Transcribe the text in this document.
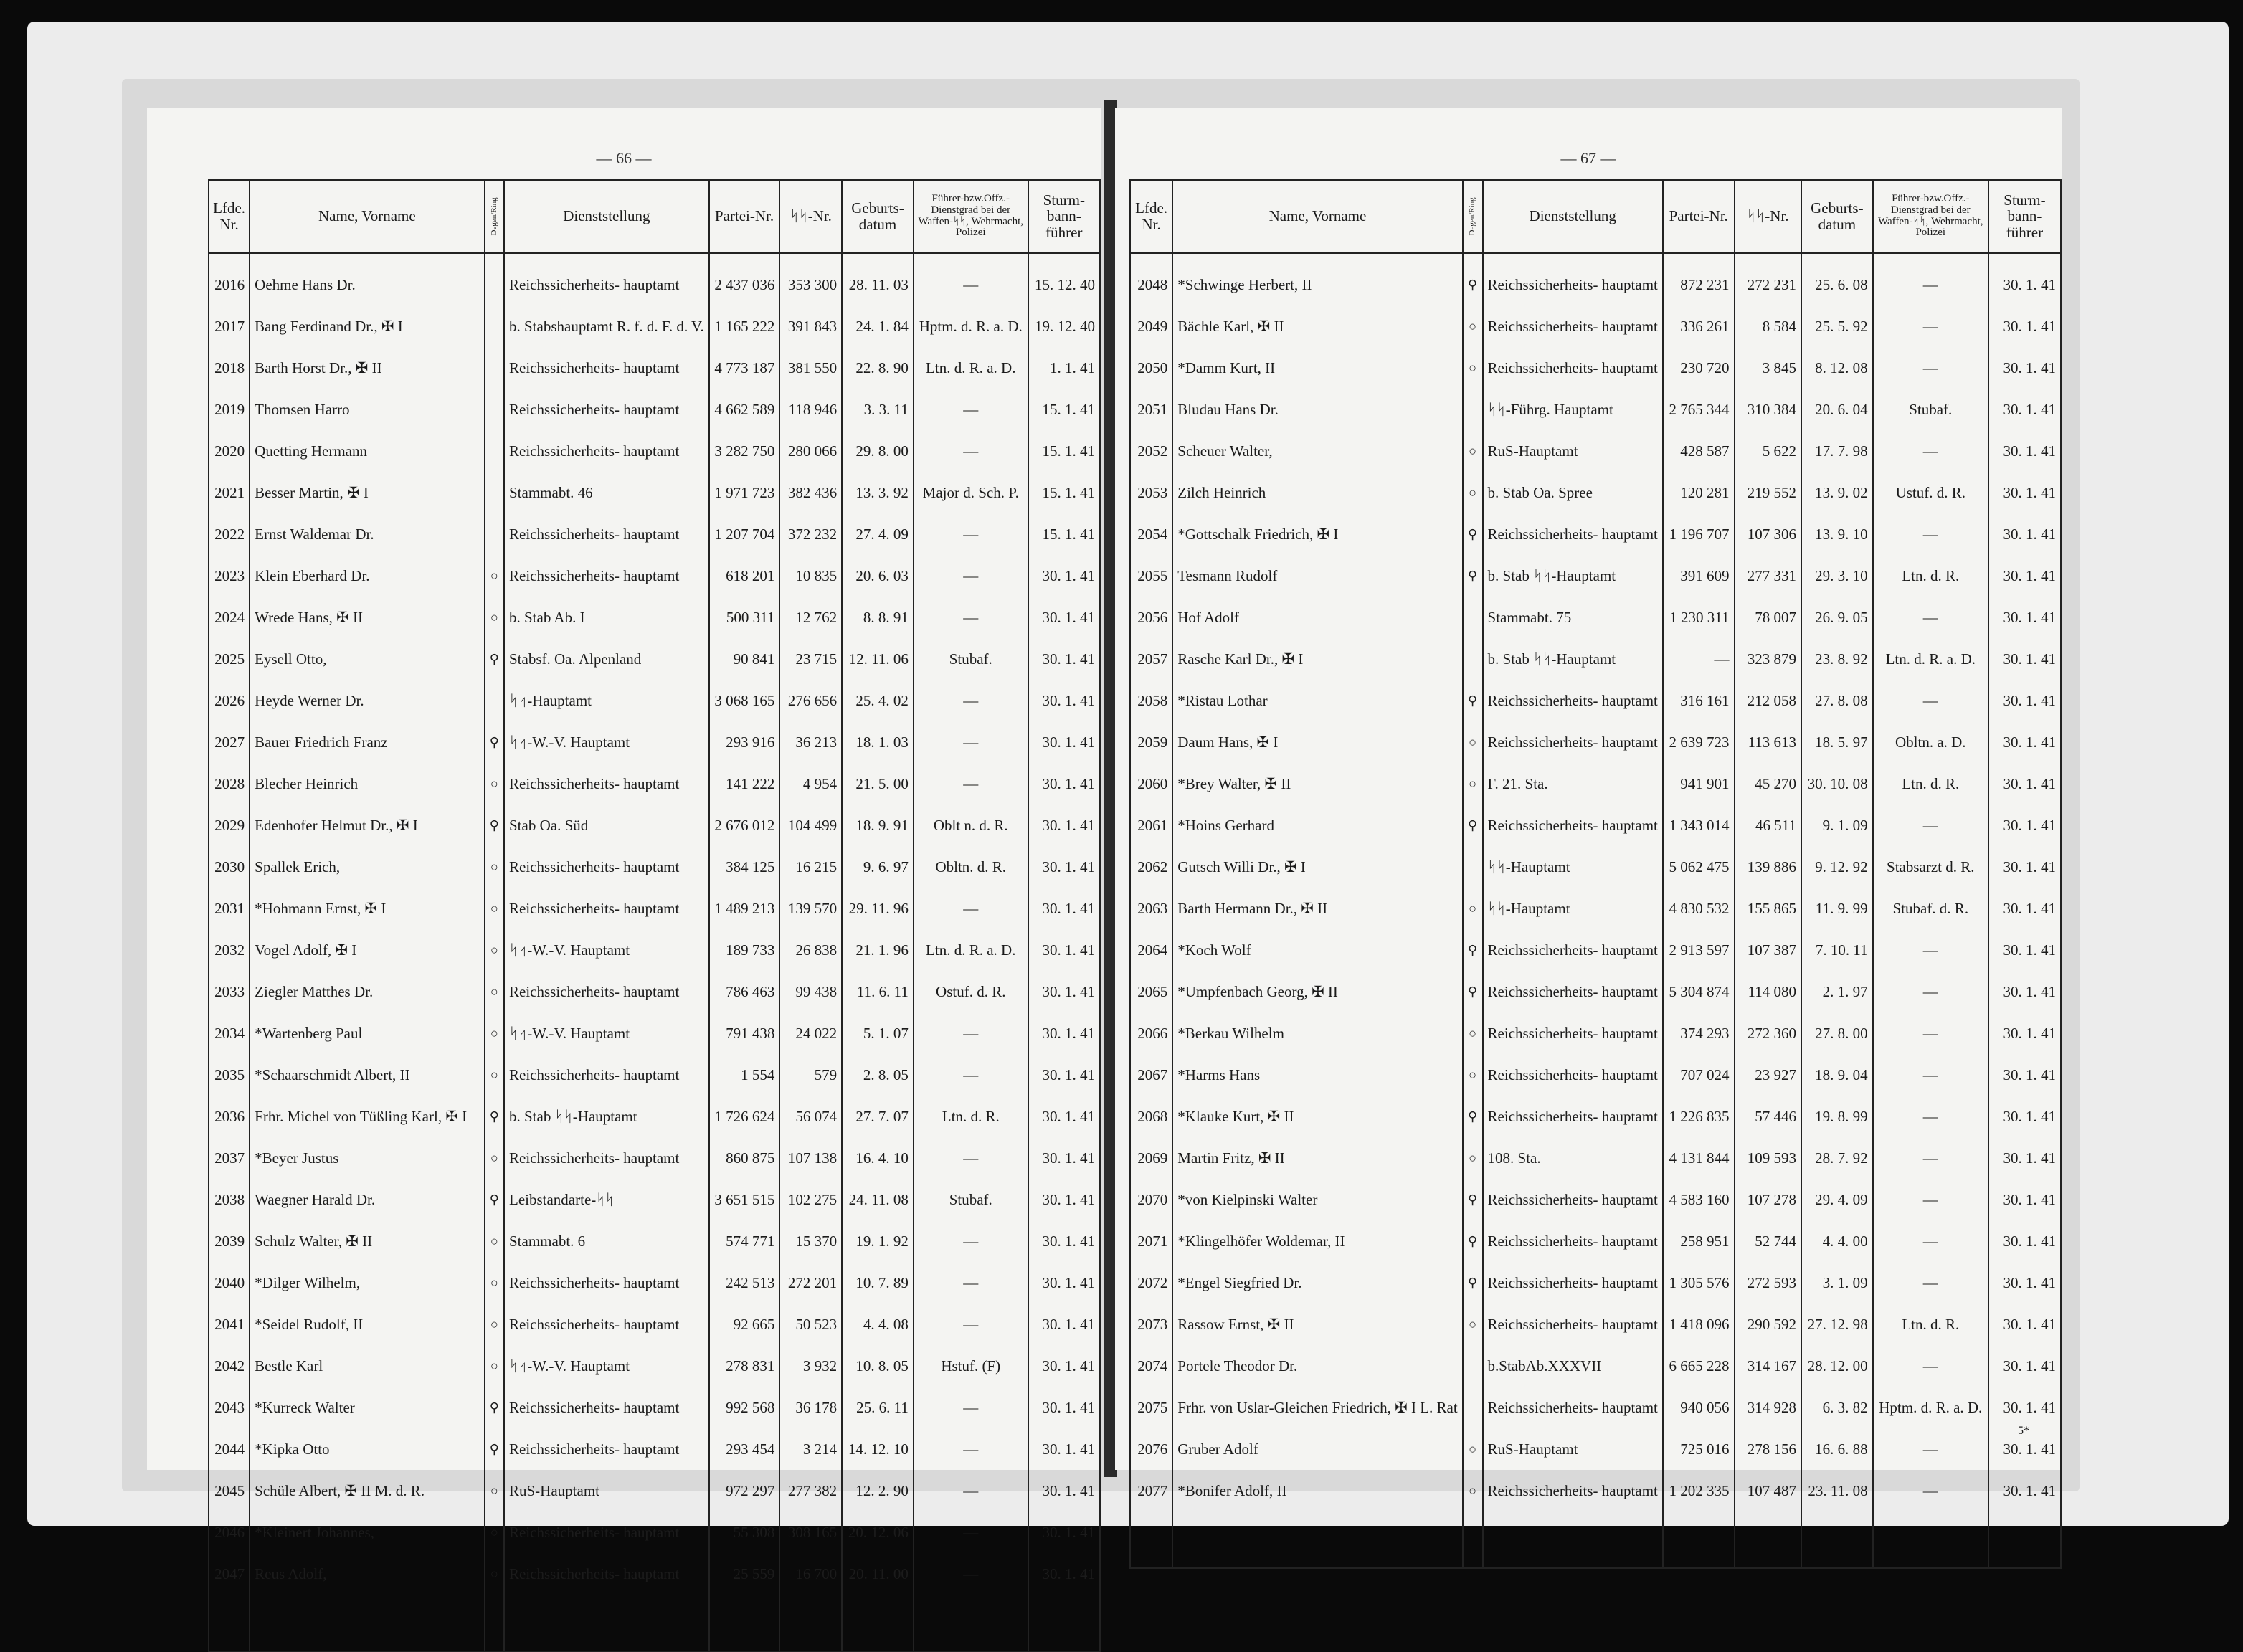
— 66 —
Lfde. Nr.	Name, Vorname	Degen/Ring	Dienststellung	Partei-Nr.	ᛋᛋ-Nr.	Geburts-datum	Führer-bzw.Offz.-Dienstgrad bei der Waffen-ᛋᛋ, Wehrmacht, Polizei	Sturm-bann-führer
2016	Oehme Hans Dr.		Reichssicherheits- hauptamt	2 437 036	353 300	28. 11. 03	—	15. 12. 40
2017	Bang Ferdinand Dr., ✠ I		b. Stabshauptamt R. f. d. F. d. V.	1 165 222	391 843	24. 1. 84	Hptm. d. R. a. D.	19. 12. 40
2018	Barth Horst Dr., ✠ II		Reichssicherheits- hauptamt	4 773 187	381 550	22. 8. 90	Ltn. d. R. a. D.	1. 1. 41
2019	Thomsen Harro		Reichssicherheits- hauptamt	4 662 589	118 946	3. 3. 11	—	15. 1. 41
2020	Quetting Hermann		Reichssicherheits- hauptamt	3 282 750	280 066	29. 8. 00	—	15. 1. 41
2021	Besser Martin, ✠ I		Stammabt. 46	1 971 723	382 436	13. 3. 92	Major d. Sch. P.	15. 1. 41
2022	Ernst Waldemar Dr.		Reichssicherheits- hauptamt	1 207 704	372 232	27. 4. 09	—	15. 1. 41
2023	Klein Eberhard Dr.	○	Reichssicherheits- hauptamt	618 201	10 835	20. 6. 03	—	30. 1. 41
2024	Wrede Hans, ✠ II	○	b. Stab Ab. I	500 311	12 762	8. 8. 91	—	30. 1. 41
2025	Eysell Otto,	⚲	Stabsf. Oa. Alpenland	90 841	23 715	12. 11. 06	Stubaf.	30. 1. 41
2026	Heyde Werner Dr.		ᛋᛋ-Hauptamt	3 068 165	276 656	25. 4. 02	—	30. 1. 41
2027	Bauer Friedrich Franz	⚲	ᛋᛋ-W.-V. Hauptamt	293 916	36 213	18. 1. 03	—	30. 1. 41
2028	Blecher Heinrich	○	Reichssicherheits- hauptamt	141 222	4 954	21. 5. 00	—	30. 1. 41
2029	Edenhofer Helmut Dr., ✠ I	⚲	Stab Oa. Süd	2 676 012	104 499	18. 9. 91	Oblt n. d. R.	30. 1. 41
2030	Spallek Erich,	○	Reichssicherheits- hauptamt	384 125	16 215	9. 6. 97	Obltn. d. R.	30. 1. 41
2031	*Hohmann Ernst, ✠ I	○	Reichssicherheits- hauptamt	1 489 213	139 570	29. 11. 96	—	30. 1. 41
2032	Vogel Adolf, ✠ I	○	ᛋᛋ-W.-V. Hauptamt	189 733	26 838	21. 1. 96	Ltn. d. R. a. D.	30. 1. 41
2033	Ziegler Matthes Dr.	○	Reichssicherheits- hauptamt	786 463	99 438	11. 6. 11	Ostuf. d. R.	30. 1. 41
2034	*Wartenberg Paul	○	ᛋᛋ-W.-V. Hauptamt	791 438	24 022	5. 1. 07	—	30. 1. 41
2035	*Schaarschmidt Albert, II	○	Reichssicherheits- hauptamt	1 554	579	2. 8. 05	—	30. 1. 41
2036	Frhr. Michel von Tüßling Karl, ✠ I	⚲	b. Stab ᛋᛋ-Hauptamt	1 726 624	56 074	27. 7. 07	Ltn. d. R.	30. 1. 41
2037	*Beyer Justus	○	Reichssicherheits- hauptamt	860 875	107 138	16. 4. 10	—	30. 1. 41
2038	Waegner Harald Dr.	⚲	Leibstandarte-ᛋᛋ	3 651 515	102 275	24. 11. 08	Stubaf.	30. 1. 41
2039	Schulz Walter, ✠ II	○	Stammabt. 6	574 771	15 370	19. 1. 92	—	30. 1. 41
2040	*Dilger Wilhelm,	○	Reichssicherheits- hauptamt	242 513	272 201	10. 7. 89	—	30. 1. 41
2041	*Seidel Rudolf, II	○	Reichssicherheits- hauptamt	92 665	50 523	4. 4. 08	—	30. 1. 41
2042	Bestle Karl	○	ᛋᛋ-W.-V. Hauptamt	278 831	3 932	10. 8. 05	Hstuf. (F)	30. 1. 41
2043	*Kurreck Walter	⚲	Reichssicherheits- hauptamt	992 568	36 178	25. 6. 11	—	30. 1. 41
2044	*Kipka Otto	⚲	Reichssicherheits- hauptamt	293 454	3 214	14. 12. 10	—	30. 1. 41
2045	Schüle Albert, ✠ II M. d. R.	○	RuS-Hauptamt	972 297	277 382	12. 2. 90	—	30. 1. 41
2046	*Kleinert Johannes,	○	Reichssicherheits- hauptamt	55 308	308 165	20. 12. 06	—	30. 1. 41
2047	Reus Adolf,	○	Reichssicherheits- hauptamt	25 559	16 700	20. 11. 00	—	30. 1. 41
— 67 —
Lfde. Nr.	Name, Vorname	Degen/Ring	Dienststellung	Partei-Nr.	ᛋᛋ-Nr.	Geburts-datum	Führer-bzw.Offz.-Dienstgrad bei der Waffen-ᛋᛋ, Wehrmacht, Polizei	Sturm-bann-führer
2048	*Schwinge Herbert, II	⚲	Reichssicherheits- hauptamt	872 231	272 231	25. 6. 08	—	30. 1. 41
2049	Bächle Karl, ✠ II	○	Reichssicherheits- hauptamt	336 261	8 584	25. 5. 92	—	30. 1. 41
2050	*Damm Kurt, II	○	Reichssicherheits- hauptamt	230 720	3 845	8. 12. 08	—	30. 1. 41
2051	Bludau Hans Dr.		ᛋᛋ-Führg. Hauptamt	2 765 344	310 384	20. 6. 04	Stubaf.	30. 1. 41
2052	Scheuer Walter,	○	RuS-Hauptamt	428 587	5 622	17. 7. 98	—	30. 1. 41
2053	Zilch Heinrich	○	b. Stab Oa. Spree	120 281	219 552	13. 9. 02	Ustuf. d. R.	30. 1. 41
2054	*Gottschalk Friedrich, ✠ I	⚲	Reichssicherheits- hauptamt	1 196 707	107 306	13. 9. 10	—	30. 1. 41
2055	Tesmann Rudolf	⚲	b. Stab ᛋᛋ-Hauptamt	391 609	277 331	29. 3. 10	Ltn. d. R.	30. 1. 41
2056	Hof Adolf		Stammabt. 75	1 230 311	78 007	26. 9. 05	—	30. 1. 41
2057	Rasche Karl Dr., ✠ I		b. Stab ᛋᛋ-Hauptamt	—	323 879	23. 8. 92	Ltn. d. R. a. D.	30. 1. 41
2058	*Ristau Lothar	⚲	Reichssicherheits- hauptamt	316 161	212 058	27. 8. 08	—	30. 1. 41
2059	Daum Hans, ✠ I	○	Reichssicherheits- hauptamt	2 639 723	113 613	18. 5. 97	Obltn. a. D.	30. 1. 41
2060	*Brey Walter, ✠ II	○	F. 21. Sta.	941 901	45 270	30. 10. 08	Ltn. d. R.	30. 1. 41
2061	*Hoins Gerhard	⚲	Reichssicherheits- hauptamt	1 343 014	46 511	9. 1. 09	—	30. 1. 41
2062	Gutsch Willi Dr., ✠ I		ᛋᛋ-Hauptamt	5 062 475	139 886	9. 12. 92	Stabsarzt d. R.	30. 1. 41
2063	Barth Hermann Dr., ✠ II	○	ᛋᛋ-Hauptamt	4 830 532	155 865	11. 9. 99	Stubaf. d. R.	30. 1. 41
2064	*Koch Wolf	⚲	Reichssicherheits- hauptamt	2 913 597	107 387	7. 10. 11	—	30. 1. 41
2065	*Umpfenbach Georg, ✠ II	⚲	Reichssicherheits- hauptamt	5 304 874	114 080	2. 1. 97	—	30. 1. 41
2066	*Berkau Wilhelm	○	Reichssicherheits- hauptamt	374 293	272 360	27. 8. 00	—	30. 1. 41
2067	*Harms Hans	○	Reichssicherheits- hauptamt	707 024	23 927	18. 9. 04	—	30. 1. 41
2068	*Klauke Kurt, ✠ II	⚲	Reichssicherheits- hauptamt	1 226 835	57 446	19. 8. 99	—	30. 1. 41
2069	Martin Fritz, ✠ II	○	108. Sta.	4 131 844	109 593	28. 7. 92	—	30. 1. 41
2070	*von Kielpinski Walter	⚲	Reichssicherheits- hauptamt	4 583 160	107 278	29. 4. 09	—	30. 1. 41
2071	*Klingelhöfer Woldemar, II	⚲	Reichssicherheits- hauptamt	258 951	52 744	4. 4. 00	—	30. 1. 41
2072	*Engel Siegfried Dr.	⚲	Reichssicherheits- hauptamt	1 305 576	272 593	3. 1. 09	—	30. 1. 41
2073	Rassow Ernst, ✠ II	○	Reichssicherheits- hauptamt	1 418 096	290 592	27. 12. 98	Ltn. d. R.	30. 1. 41
2074	Portele Theodor Dr.		b.StabAb.XXXVII	6 665 228	314 167	28. 12. 00	—	30. 1. 41
2075	Frhr. von Uslar-Gleichen Friedrich, ✠ I L. Rat		Reichssicherheits- hauptamt	940 056	314 928	6. 3. 82	Hptm. d. R. a. D.	30. 1. 41
2076	Gruber Adolf	○	RuS-Hauptamt	725 016	278 156	16. 6. 88	—	30. 1. 41
2077	*Bonifer Adolf, II	○	Reichssicherheits- hauptamt	1 202 335	107 487	23. 11. 08	—	30. 1. 41
5*
